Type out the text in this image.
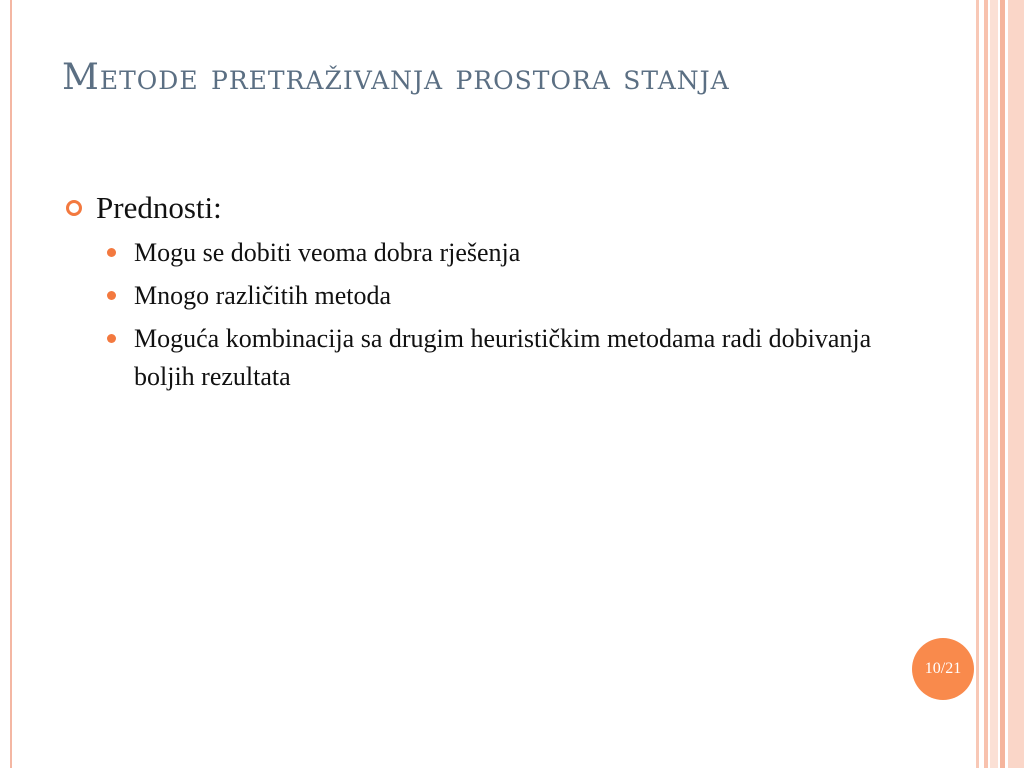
Metode pretraživanja prostora stanja
Prednosti:
Mogu se dobiti veoma dobra rješenja
Mnogo različitih metoda
Moguća kombinacija sa drugim heurističkim metodama radi dobivanja boljih rezultata
10/21
